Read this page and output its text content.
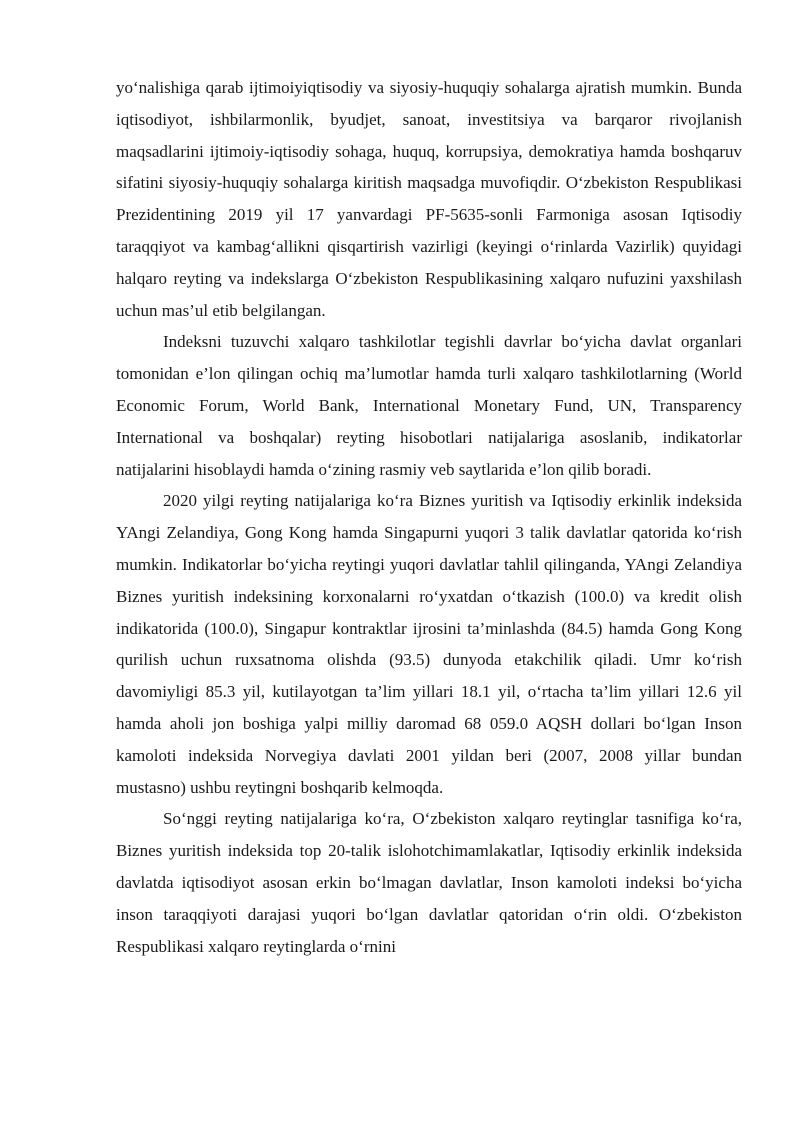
yo‘nalishiga qarab ijtimoiyiqtisodiy va siyosiy-huquqiy sohalarga ajratish mumkin. Bunda iqtisodiyot, ishbilarmonlik, byudjet, sanoat, investitsiya va barqaror rivojlanish maqsadlarini ijtimoiy-iqtisodiy sohaga, huquq, korrupsiya, demokratiya hamda boshqaruv sifatini siyosiy-huquqiy sohalarga kiritish maqsadga muvofiqdir. O‘zbekiston Respublikasi Prezidentining 2019 yil 17 yanvardagi PF-5635-sonli Farmoniga asosan Iqtisodiy taraqqiyot va kambag‘allikni qisqartirish vazirligi (keyingi o‘rinlarda Vazirlik) quyidagi halqaro reyting va indekslarga O‘zbekiston Respublikasining xalqaro nufuzini yaxshilash uchun mas’ul etib belgilangan.

Indeksni tuzuvchi xalqaro tashkilotlar tegishli davrlar bo‘yicha davlat organlari tomonidan e’lon qilingan ochiq ma’lumotlar hamda turli xalqaro tashkilotlarning (World Economic Forum, World Bank, International Monetary Fund, UN, Transparency International va boshqalar) reyting hisobotlari natijalariga asoslanib, indikatorlar natijalarini hisoblaydi hamda o‘zining rasmiy veb saytlarida e’lon qilib boradi.

2020 yilgi reyting natijalariga ko‘ra Biznes yuritish va Iqtisodiy erkinlik indeksida YAngi Zelandiya, Gong Kong hamda Singapurni yuqori 3 talik davlatlar qatorida ko‘rish mumkin. Indikatorlar bo‘yicha reytingi yuqori davlatlar tahlil qilinganda, YAngi Zelandiya Biznes yuritish indeksining korxonalarni ro‘yxatdan o‘tkazish (100.0) va kredit olish indikatorida (100.0), Singapur kontraktlar ijrosini ta’minlashda (84.5) hamda Gong Kong qurilish uchun ruxsatnoma olishda (93.5) dunyoda etakchilik qiladi. Umr ko‘rish davomiyligi 85.3 yil, kutilayotgan ta’lim yillari 18.1 yil, o‘rtacha ta’lim yillari 12.6 yil hamda aholi jon boshiga yalpi milliy daromad 68 059.0 AQSH dollari bo‘lgan Inson kamoloti indeksida Norvegiya davlati 2001 yildan beri (2007, 2008 yillar bundan mustasno) ushbu reytingni boshqarib kelmoqda.

So‘nggi reyting natijalariga ko‘ra, O‘zbekiston xalqaro reytinglar tasnifiga ko‘ra, Biznes yuritish indeksida top 20-talik islohotchimamlakatlar, Iqtisodiy erkinlik indeksida davlatda iqtisodiyot asosan erkin bo‘lmagan davlatlar, Inson kamoloti indeksi bo‘yicha inson taraqqiyoti darajasi yuqori bo‘lgan davlatlar qatoridan o‘rin oldi. O‘zbekiston Respublikasi xalqaro reytinglarda o‘rnini
